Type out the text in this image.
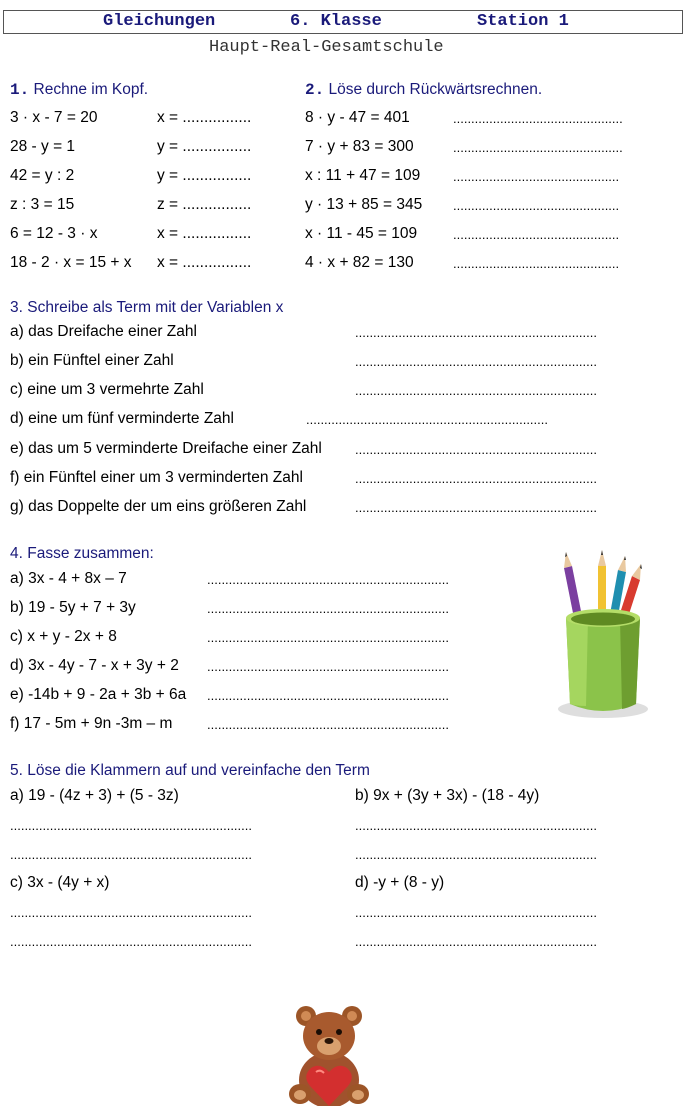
Gleichungen	6. Klasse	Station 1
Haupt-Real-Gesamtschule
1. Rechne im Kopf.
3 · x - 7 = 20	x = ................
28 - y = 1	y = ................
42 = y : 2	y = ................
z : 3 = 15	z = ................
6 = 12 - 3 · x	x = ................
18 - 2 · x = 15 + x x = ................
2. Löse durch Rückwärtsrechnen.
8 · y - 47 = 401	...............................................
7 · y + 83 = 300	...............................................
x : 11 + 47 = 109	..............................................
y · 13 + 85 = 345 ..............................................
x · 11 - 45 = 109	..............................................
4 · x + 82 = 130	..............................................
3. Schreibe als Term mit der Variablen x
a) das Dreifache einer Zahl	...................................................................
b) ein Fünftel einer Zahl	...................................................................
c) eine um 3 vermehrte Zahl	...................................................................
d) eine um fünf verminderte Zahl	...................................................................
e) das um 5 verminderte Dreifache einer Zahl	...................................................................
f) ein Fünftel einer um 3 verminderten Zahl	...................................................................
g) das Doppelte der um eins größeren Zahl	...................................................................
4. Fasse zusammen:
a) 3x - 4 + 8x – 7	...................................................................
b) 19 - 5y + 7 + 3y	...................................................................
c) x + y - 2x + 8	...................................................................
d) 3x - 4y - 7 - x + 3y + 2 ...................................................................
e) -14b + 9 - 2a + 3b + 6a ...................................................................
f) 17 - 5m + 9n -3m – m	...................................................................
5. Löse die Klammern auf und vereinfache den Term
a) 19 - (4z + 3) + (5 - 3z)	b) 9x + (3y + 3x) - (18 - 4y)
...................................................................	...................................................................
...................................................................	...................................................................
c) 3x - (4y + x)	d) -y + (8 - y)
...................................................................	...................................................................
...................................................................	...................................................................
